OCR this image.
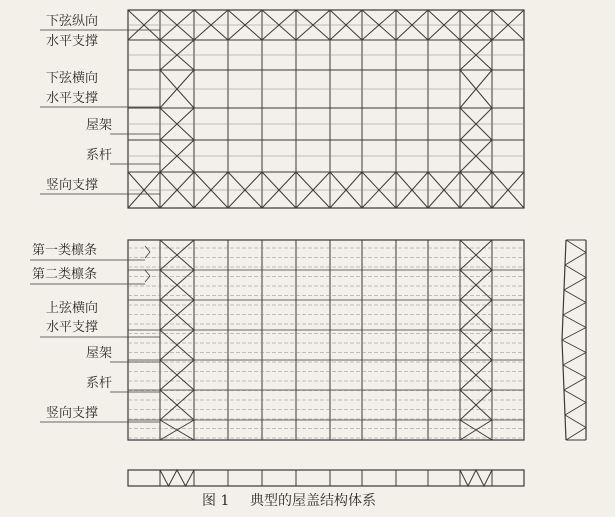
下弦纵向
水平支撑
下弦横向
水平支撑
屋架
系杆
竖向支撑
第一类檩条
第二类檩条
上弦横向
水平支撑
屋架
系杆
竖向支撑
图 1 典型的屋盖结构体系
